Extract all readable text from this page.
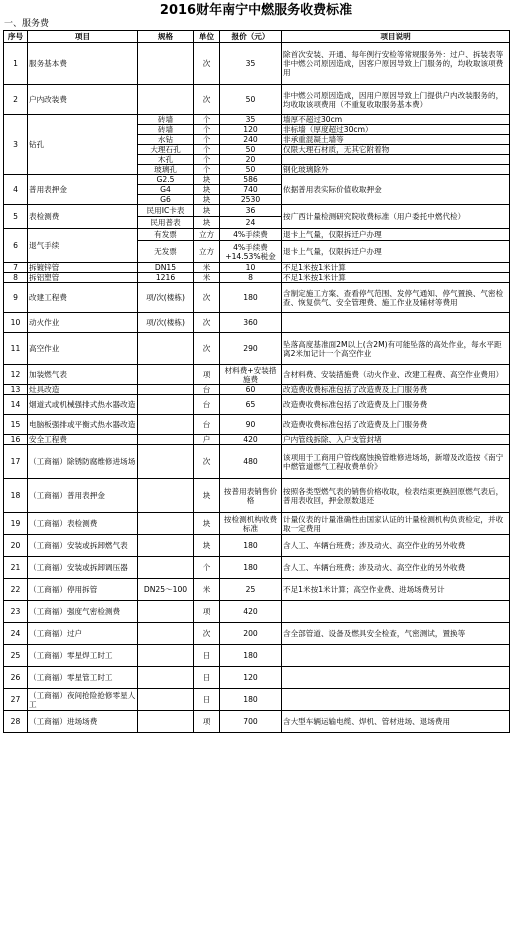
2016财年南宁中燃服务收费标准
一、服务费
序号	项目	规格	单位	报价（元）	项目说明
1	服务基本费		次	35	除首次安装、开通、每年例行安检等常规服务外：过户、拆装表等非中燃公司原因造成，因客户原因导致上门服务的，均收取该项费用
2	户内改装费		次	50	非中燃公司原因造成，因用户原因导致上门提供户内改装服务的，均收取该项费用（不重复收取服务基本费）
3	钻孔	砖墙	个	35	墙厚不超过30cm
		砖墙	个	120	非标墙（厚度超过30cm）
		水钻	个	240	非承重混凝土墙等
		大理石孔	个	50	仅限大理石材质，无其它附着物
		木孔	个	20	
		玻璃孔	个	50	钢化玻璃除外
4	普用表押金	G2.5	块	586	依据普用表实际价值收取押金
		G4	块	740	
		G6	块	2530	
5	表检测费	民用IC卡表	块	36	按广西计量检测研究院收费标准（用户委托中燃代检）
		民用普表	块	24	
6	退气手续	有发票	立方	4%手续费	退卡上气量，仅限拆迁户办理
		无发票	立方	4%手续费+14.53%税金	退卡上气量，仅限拆迁户办理
7	拆镀锌管	DN15	米	10	不足1米按1米计算
8	拆铝塑管	1216	米	8	不足1米按1米计算
9	改建工程费	项/次(楼栋)	次	180	含制定施工方案、查看停气范围、发停气通知、停气置换、气密检查、恢复供气、安全管理费、施工作业及辅材等费用
10	动火作业	项/次(楼栋)	次	360	
11	高空作业		次	290	坠落高度基准面2M以上(含2M)有可能坠落的高处作业，每水平距离2米加记计一个高空作业
12	加装燃气表		项	材料费+安装措施费	含材料费、安装措施费（动火作业、改建工程费、高空作业费用）
13	灶具改造		台	60	改造费收费标准包括了改造费及上门服务费
14	烟道式或机械强排式热水器改造		台	65	改造费收费标准包括了改造费及上门服务费
15	电脑板强排或平衡式热水器改造		台	90	改造费收费标准包括了改造费及上门服务费
16	安全工程费		户	420	户内管线拆除、入户支管封堵
17	（工商福）除锈防腐维修进场场		次	480	该项用于工商用户管线腐蚀换管维修进场场，新增及改造按《南宁中燃管道燃气工程收费单价》
18	（工商福）普用表押金		块	按普用表销售价格	按照各类型燃气表的销售价格收取，检表结束更换回原燃气表后，普用表收回，押金原数退还
19	（工商福）表检测费		块	按检测机构收费标准	计量仪表的计量准确性由国家认证的计量检测机构负责检定，并收取一定费用
20	（工商福）安装或拆卸燃气表		块	180	含人工、车辆台班费；涉及动火、高空作业的另外收费
21	（工商福）安装或拆卸调压器		个	180	含人工、车辆台班费；涉及动火、高空作业的另外收费
22	（工商福）停用拆管	DN25～100	米	25	不足1米按1米计算；高空作业费、进场场费另计
23	（工商福）强度气密检测费		项	420	
24	（工商福）过户		次	200	含全部管道、设备及燃具安全检查，气密测试，置换等
25	（工商福）零星焊工时工		日	180	
26	（工商福）零星管工时工		日	120	
27	（工商福）夜间抢险抢修零星人工		日	180	
28	（工商福）进场场费		项	700	含大型车辆运输电缆、焊机、管材进场、退场费用
